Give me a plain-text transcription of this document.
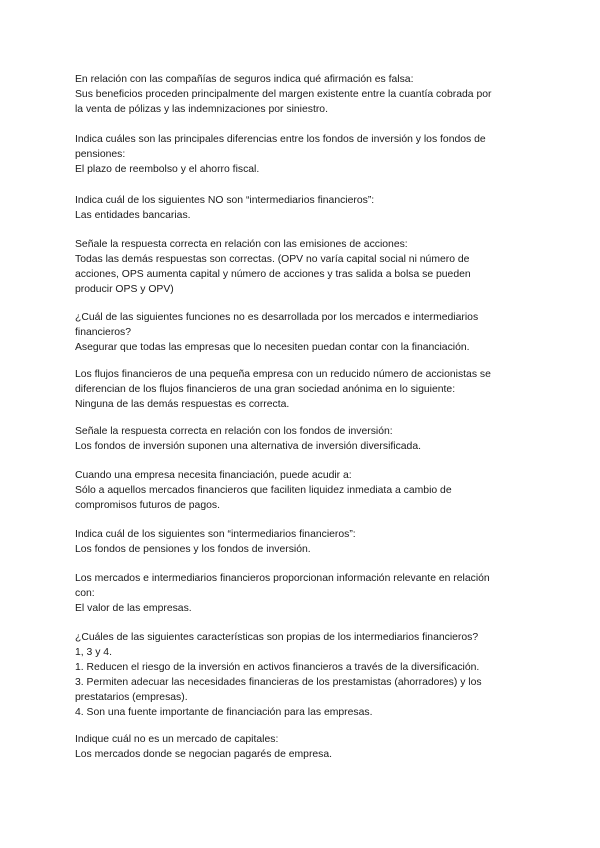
En relación con las compañías de seguros indica qué afirmación es falsa:

Sus beneficios proceden principalmente del margen existente entre la cuantía cobrada por
la venta de pólizas y las indemnizaciones por siniestro.

Indica cuáles son las principales diferencias entre los fondos de inversión y los fondos de
pensiones:

El plazo de reembolso y el ahorro fiscal.

Indica cuál de los siguientes NO son “intermediarios financieros”:

Las entidades bancarias.

Señale la respuesta correcta en relación con las emisiones de acciones:

Todas las demás respuestas son correctas. (OPV no varía capital social ni número de
acciones, OPS aumenta capital y número de acciones y tras salida a bolsa se pueden
producir OPS y OPV)

¿Cuál de las siguientes funciones no es desarrollada por los mercados e intermediarios
financieros?

Asegurar que todas las empresas que lo necesiten puedan contar con la financiación.

Los flujos financieros de una pequeña empresa con un reducido número de accionistas se
diferencian de los flujos financieros de una gran sociedad anónima en lo siguiente:

Ninguna de las demás respuestas es correcta.

Señale la respuesta correcta en relación con los fondos de inversión:

Los fondos de inversión suponen una alternativa de inversión diversificada.

Cuando una empresa necesita financiación, puede acudir a:

Sólo a aquellos mercados financieros que faciliten liquidez inmediata a cambio de
compromisos futuros de pagos.

Indica cuál de los siguientes son “intermediarios financieros”:

Los fondos de pensiones y los fondos de inversión.

Los mercados e intermediarios financieros proporcionan información relevante en relación
con:

El valor de las empresas.

¿Cuáles de las siguientes características son propias de los intermediarios financieros?

1, 3 y 4.
1. Reducen el riesgo de la inversión en activos financieros a través de la diversificación.
3. Permiten adecuar las necesidades financieras de los prestamistas (ahorradores) y los
prestatarios (empresas).
4. Son una fuente importante de financiación para las empresas.

Indique cuál no es un mercado de capitales:

Los mercados donde se negocian pagarés de empresa.
